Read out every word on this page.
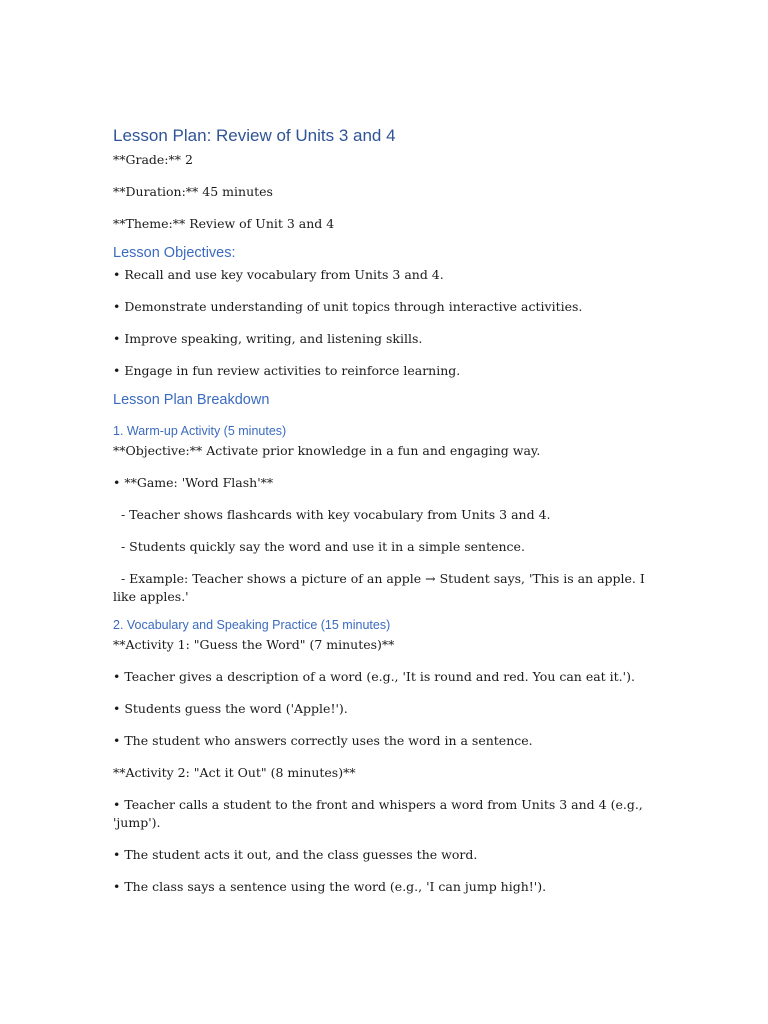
Lesson Plan: Review of Units 3 and 4
**Grade:** 2
**Duration:** 45 minutes
**Theme:** Review of Unit 3 and 4
Lesson Objectives:
• Recall and use key vocabulary from Units 3 and 4.
• Demonstrate understanding of unit topics through interactive activities.
• Improve speaking, writing, and listening skills.
• Engage in fun review activities to reinforce learning.
Lesson Plan Breakdown
1. Warm-up Activity (5 minutes)
**Objective:** Activate prior knowledge in a fun and engaging way.
• **Game: 'Word Flash'**
- Teacher shows flashcards with key vocabulary from Units 3 and 4.
- Students quickly say the word and use it in a simple sentence.
- Example: Teacher shows a picture of an apple → Student says, 'This is an apple. I like apples.'
2. Vocabulary and Speaking Practice (15 minutes)
**Activity 1: "Guess the Word" (7 minutes)**
• Teacher gives a description of a word (e.g., 'It is round and red. You can eat it.').
• Students guess the word ('Apple!').
• The student who answers correctly uses the word in a sentence.
**Activity 2: "Act it Out" (8 minutes)**
• Teacher calls a student to the front and whispers a word from Units 3 and 4 (e.g., 'jump').
• The student acts it out, and the class guesses the word.
• The class says a sentence using the word (e.g., 'I can jump high!').
